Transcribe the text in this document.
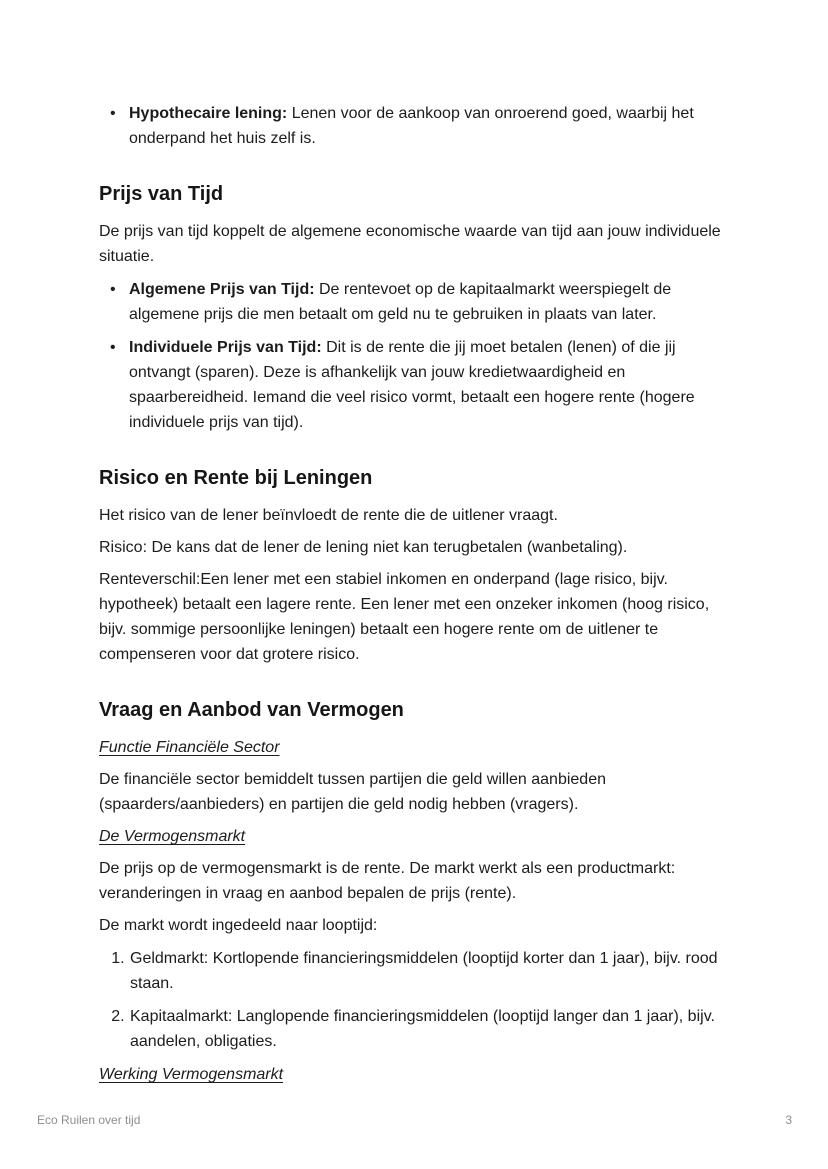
• Hypothecaire lening: Lenen voor de aankoop van onroerend goed, waarbij het onderpand het huis zelf is.
Prijs van Tijd

De prijs van tijd koppelt de algemene economische waarde van tijd aan jouw individuele situatie.

• Algemene Prijs van Tijd: De rentevoet op de kapitaalmarkt weerspiegelt de algemene prijs die men betaalt om geld nu te gebruiken in plaats van later.
• Individuele Prijs van Tijd: Dit is de rente die jij moet betalen (lenen) of die jij ontvangt (sparen). Deze is afhankelijk van jouw kredietwaardigheid en spaarbereidheid. Iemand die veel risico vormt, betaalt een hogere rente (hogere individuele prijs van tijd).
Risico en Rente bij Leningen

Het risico van de lener beïnvloedt de rente die de uitlener vraagt.

Risico: De kans dat de lener de lening niet kan terugbetalen (wanbetaling).

Renteverschil:Een lener met een stabiel inkomen en onderpand (lage risico, bijv. hypotheek) betaalt een lagere rente. Een lener met een onzeker inkomen (hoog risico, bijv. sommige persoonlijke leningen) betaalt een hogere rente om de uitlener te compenseren voor dat grotere risico.

Vraag en Aanbod van Vermogen
Functie Financiële Sector

De financiële sector bemiddelt tussen partijen die geld willen aanbieden (spaarders/aanbieders) en partijen die geld nodig hebben (vragers).

De Vermogensmarkt

De prijs op de vermogensmarkt is de rente. De markt werkt als een productmarkt: veranderingen in vraag en aanbod bepalen de prijs (rente).

De markt wordt ingedeeld naar looptijd:

1. Geldmarkt: Kortlopende financieringsmiddelen (looptijd korter dan 1 jaar), bijv. rood staan.
2. Kapitaalmarkt: Langlopende financieringsmiddelen (looptijd langer dan 1 jaar), bijv. aandelen, obligaties.
Werking Vermogensmarkt
Eco Ruilen over tijd	3
